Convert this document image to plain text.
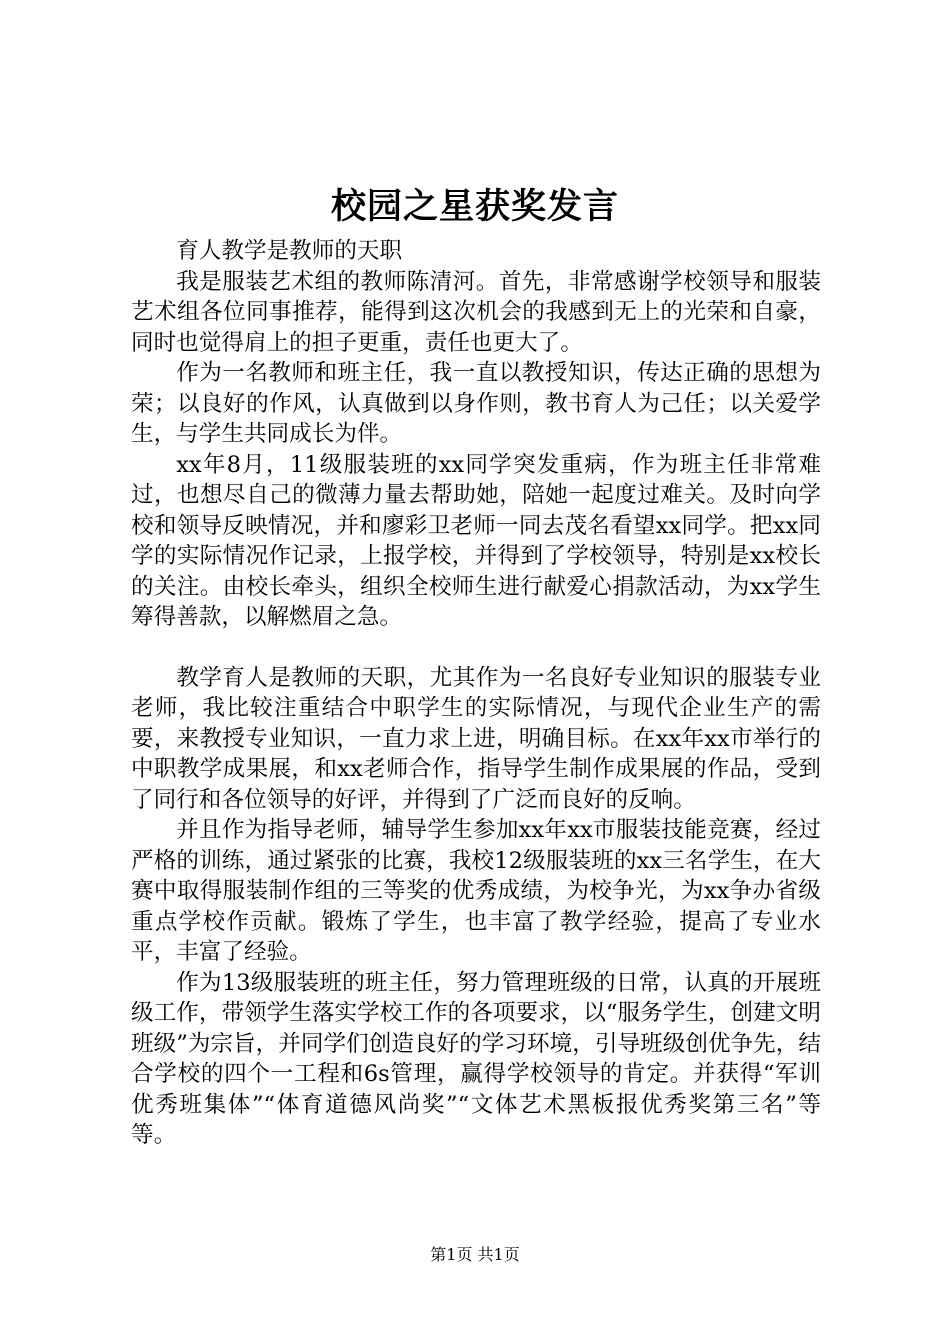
校园之星获奖发言

育人教学是教师的天职

我是服装艺术组的教师陈清河。首先，非常感谢学校领导和服装艺术组各位同事推荐，能得到这次机会的我感到无上的光荣和自豪，同时也觉得肩上的担子更重，责任也更大了。

作为一名教师和班主任，我一直以教授知识，传达正确的思想为荣；以良好的作风，认真做到以身作则，教书育人为己任；以关爱学生，与学生共同成长为伴。

xx年8月，11级服装班的xx同学突发重病，作为班主任非常难过，也想尽自己的微薄力量去帮助她，陪她一起度过难关。及时向学校和领导反映情况，并和廖彩卫老师一同去茂名看望xx同学。把xx同学的实际情况作记录，上报学校，并得到了学校领导，特别是xx校长的关注。由校长牵头，组织全校师生进行献爱心捐款活动，为xx学生筹得善款，以解燃眉之急。

教学育人是教师的天职，尤其作为一名良好专业知识的服装专业老师，我比较注重结合中职学生的实际情况，与现代企业生产的需要，来教授专业知识，一直力求上进，明确目标。在xx年xx市举行的中职教学成果展，和xx老师合作，指导学生制作成果展的作品，受到了同行和各位领导的好评，并得到了广泛而良好的反响。

并且作为指导老师，辅导学生参加xx年xx市服装技能竞赛，经过严格的训练，通过紧张的比赛，我校12级服装班的xx三名学生，在大赛中取得服装制作组的三等奖的优秀成绩，为校争光，为xx争办省级重点学校作贡献。锻炼了学生，也丰富了教学经验，提高了专业水平，丰富了经验。

作为13级服装班的班主任，努力管理班级的日常，认真的开展班级工作，带领学生落实学校工作的各项要求，以“服务学生，创建文明班级”为宗旨，并同学们创造良好的学习环境，引导班级创优争先，结合学校的四个一工程和6s管理，赢得学校领导的肯定。并获得“军训优秀班集体”“体育道德风尚奖”“文体艺术黑板报优秀奖第三名”等等。

第1页 共1页
